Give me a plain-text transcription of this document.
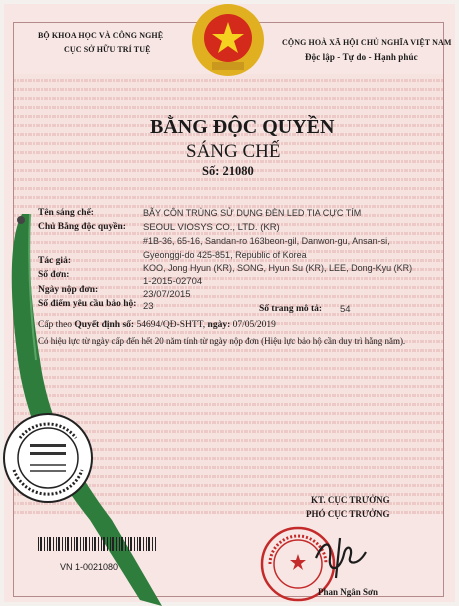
BỘ KHOA HỌC VÀ CÔNG NGHỆ
CỤC SỞ HỮU TRÍ TUỆ
CỘNG HOÀ XÃ HỘI CHỦ NGHĨA VIỆT NAM
Độc lập - Tự do - Hạnh phúc
BẰNG ĐỘC QUYỀN
SÁNG CHẾ
Số: 21080
Tên sáng chế:	BẪY CÔN TRÙNG SỬ DỤNG ĐÈN LED TIA CỰC TÍM
Chủ Bằng độc quyền: SEOUL VIOSYS CO., LTD. (KR)
#1B-36, 65-16, Sandan-ro 163beon-gil, Danwon-gu, Ansan-si,
Gyeonggi-do 425-851, Republic of Korea
Tác giả:
KOO, Jong Hyun (KR), SONG, Hyun Su (KR), LEE, Dong-Kyu (KR)
Số đơn:
1-2015-02704
Ngày nộp đơn:	23/07/2015
Số điểm yêu cầu bảo hộ: 23	Số trang mô tả: 54
Cấp theo Quyết định số: 54694/QĐ-SHTT, ngày: 07/05/2019
Có hiệu lực từ ngày cấp đến hết 20 năm tính từ ngày nộp đơn (Hiệu lực bảo hộ cần duy trì hằng năm).
VN 1-0021080
KT. CỤC TRƯỞNG
PHÓ CỤC TRƯỞNG
Phan Ngân Sơn
